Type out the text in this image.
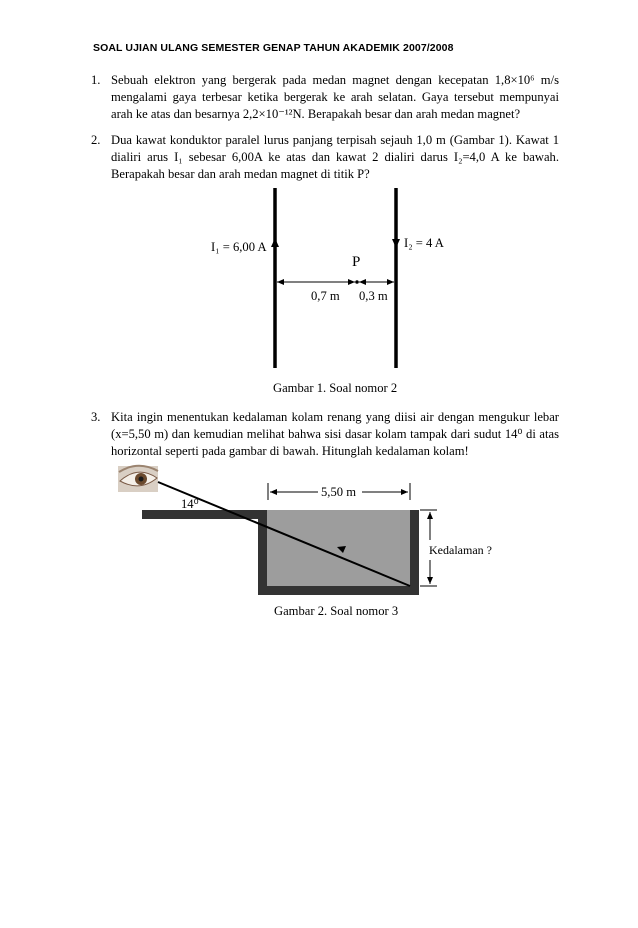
SOAL UJIAN ULANG SEMESTER GENAP TAHUN AKADEMIK 2007/2008
1. Sebuah elektron yang bergerak pada medan magnet dengan kecepatan 1,8×10⁶ m/s
mengalami gaya terbesar ketika bergerak ke arah selatan. Gaya tersebut mempunyai
arah ke atas dan besarnya 2,2×10⁻¹²N. Berapakah besar dan arah medan magnet?
2. Dua kawat konduktor paralel lurus panjang terpisah sejauh 1,0 m (Gambar 1). Kawat 1
dialiri arus I₁ sebesar 6,00A ke atas dan kawat 2 dialiri darus I₂=4,0 A ke bawah.
Berapakah besar dan arah medan magnet di titik P?
I₁ = 6,00 A	I₂ = 4 A
P
0,7 m 0,3 m
Gambar 1. Soal nomor 2
3. Kita ingin menentukan kedalaman kolam renang yang diisi air dengan mengukur lebar
(x=5,50 m) dan kemudian melihat bahwa sisi dasar kolam tampak dari sudut 14⁰ di atas
horizontal seperti pada gambar di bawah. Hitunglah kedalaman kolam!
14⁰
5,50 m
Kedalaman ?
Gambar 2. Soal nomor 3
